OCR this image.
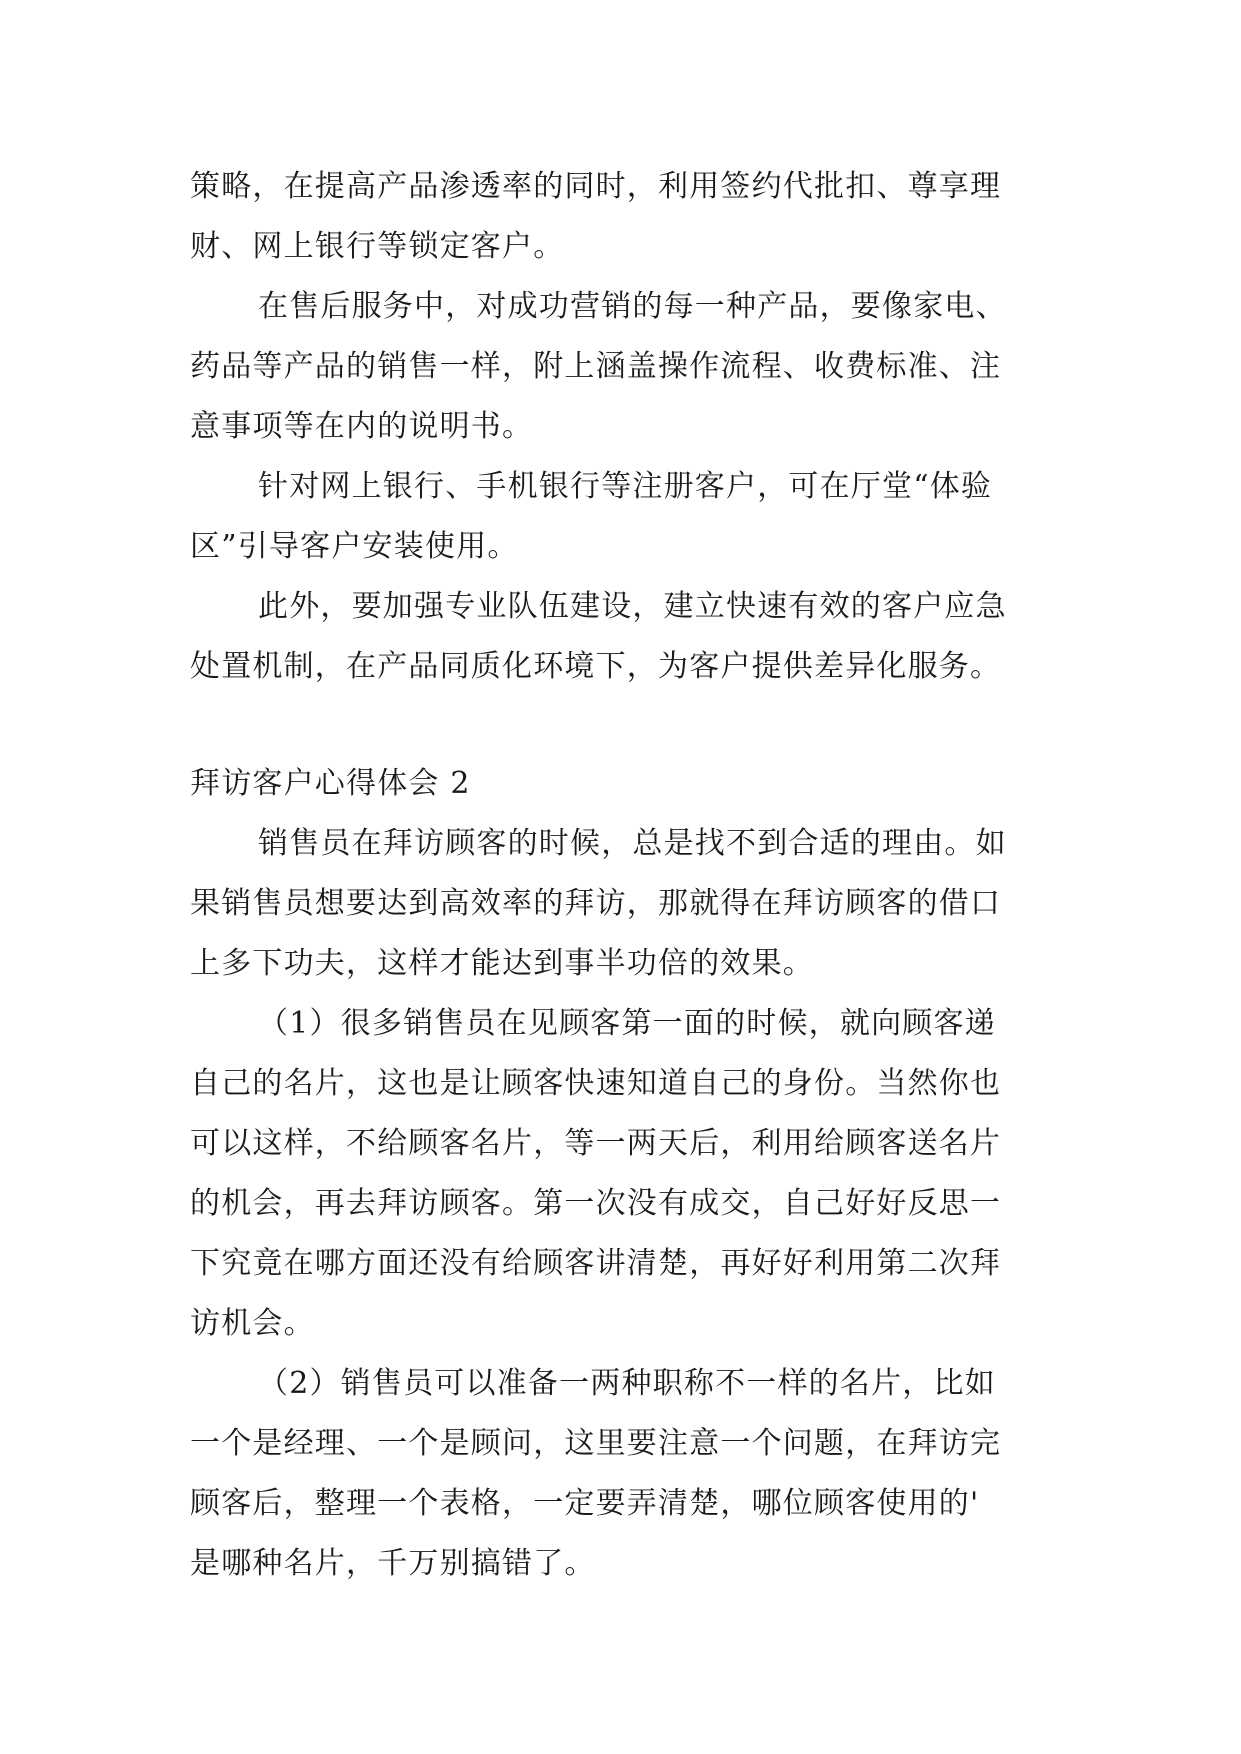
策略，在提高产品渗透率的同时，利用签约代批扣、尊享理
财、网上银行等锁定客户。
在售后服务中，对成功营销的每一种产品，要像家电、
药品等产品的销售一样，附上涵盖操作流程、收费标准、注
意事项等在内的说明书。
针对网上银行、手机银行等注册客户，可在厅堂“体验
区”引导客户安装使用。
此外，要加强专业队伍建设，建立快速有效的客户应急
处置机制，在产品同质化环境下，为客户提供差异化服务。
拜访客户心得体会 2
销售员在拜访顾客的时候，总是找不到合适的理由。如
果销售员想要达到高效率的拜访，那就得在拜访顾客的借口
上多下功夫，这样才能达到事半功倍的效果。
（1）很多销售员在见顾客第一面的时候，就向顾客递
自己的名片，这也是让顾客快速知道自己的身份。当然你也
可以这样，不给顾客名片，等一两天后，利用给顾客送名片
的机会，再去拜访顾客。第一次没有成交，自己好好反思一
下究竟在哪方面还没有给顾客讲清楚，再好好利用第二次拜
访机会。
（2）销售员可以准备一两种职称不一样的名片，比如
一个是经理、一个是顾问，这里要注意一个问题，在拜访完
顾客后，整理一个表格，一定要弄清楚，哪位顾客使用的'
是哪种名片，千万别搞错了。
